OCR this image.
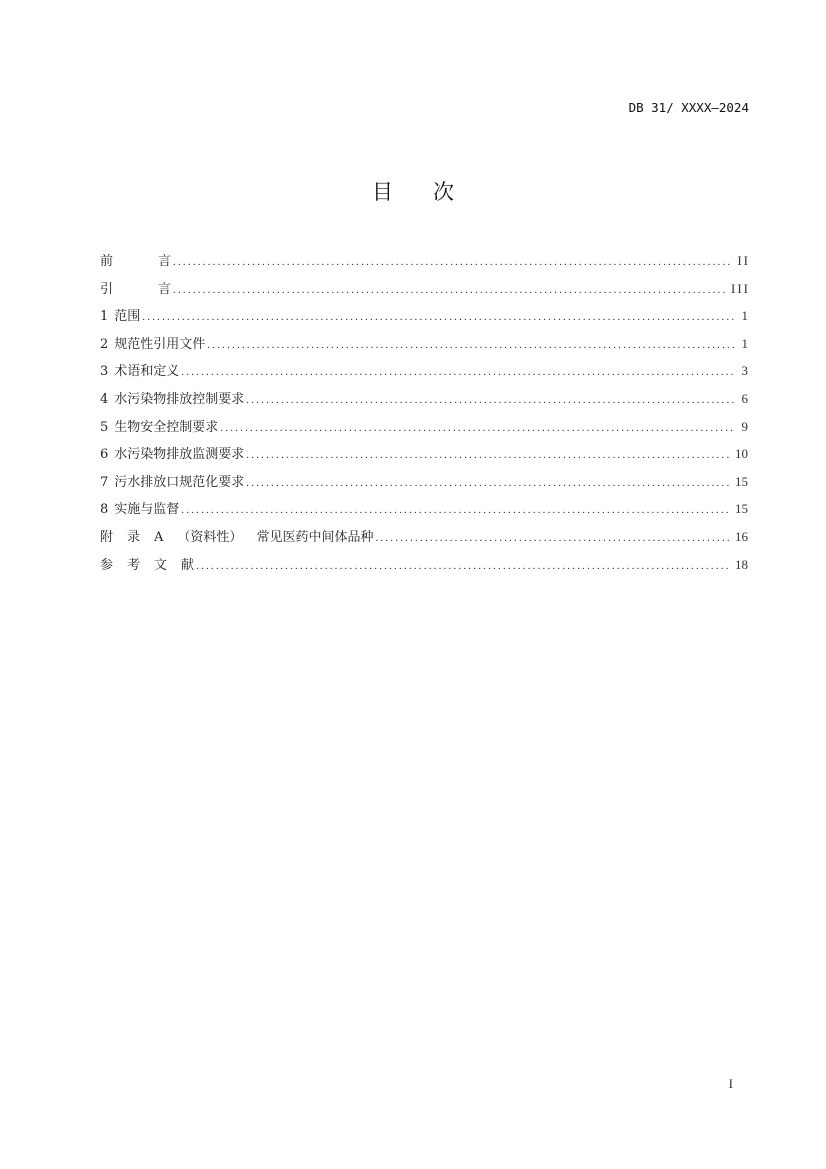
DB 31/ XXXX—2024
目 次
前	言 .....	II
引	言 .....	III
1 范围 .....	1
2 规范性引用文件 .....	1
3 术语和定义 .....	3
4 水污染物排放控制要求 .....	6
5 生物安全控制要求 .....	9
6 水污染物排放监测要求 .....	10
7 污水排放口规范化要求 .....	15
8 实施与监督 .....	15
附 录 A （资料性） 常见医药中间体品种 .....	16
参 考 文 献 .....	18
I
